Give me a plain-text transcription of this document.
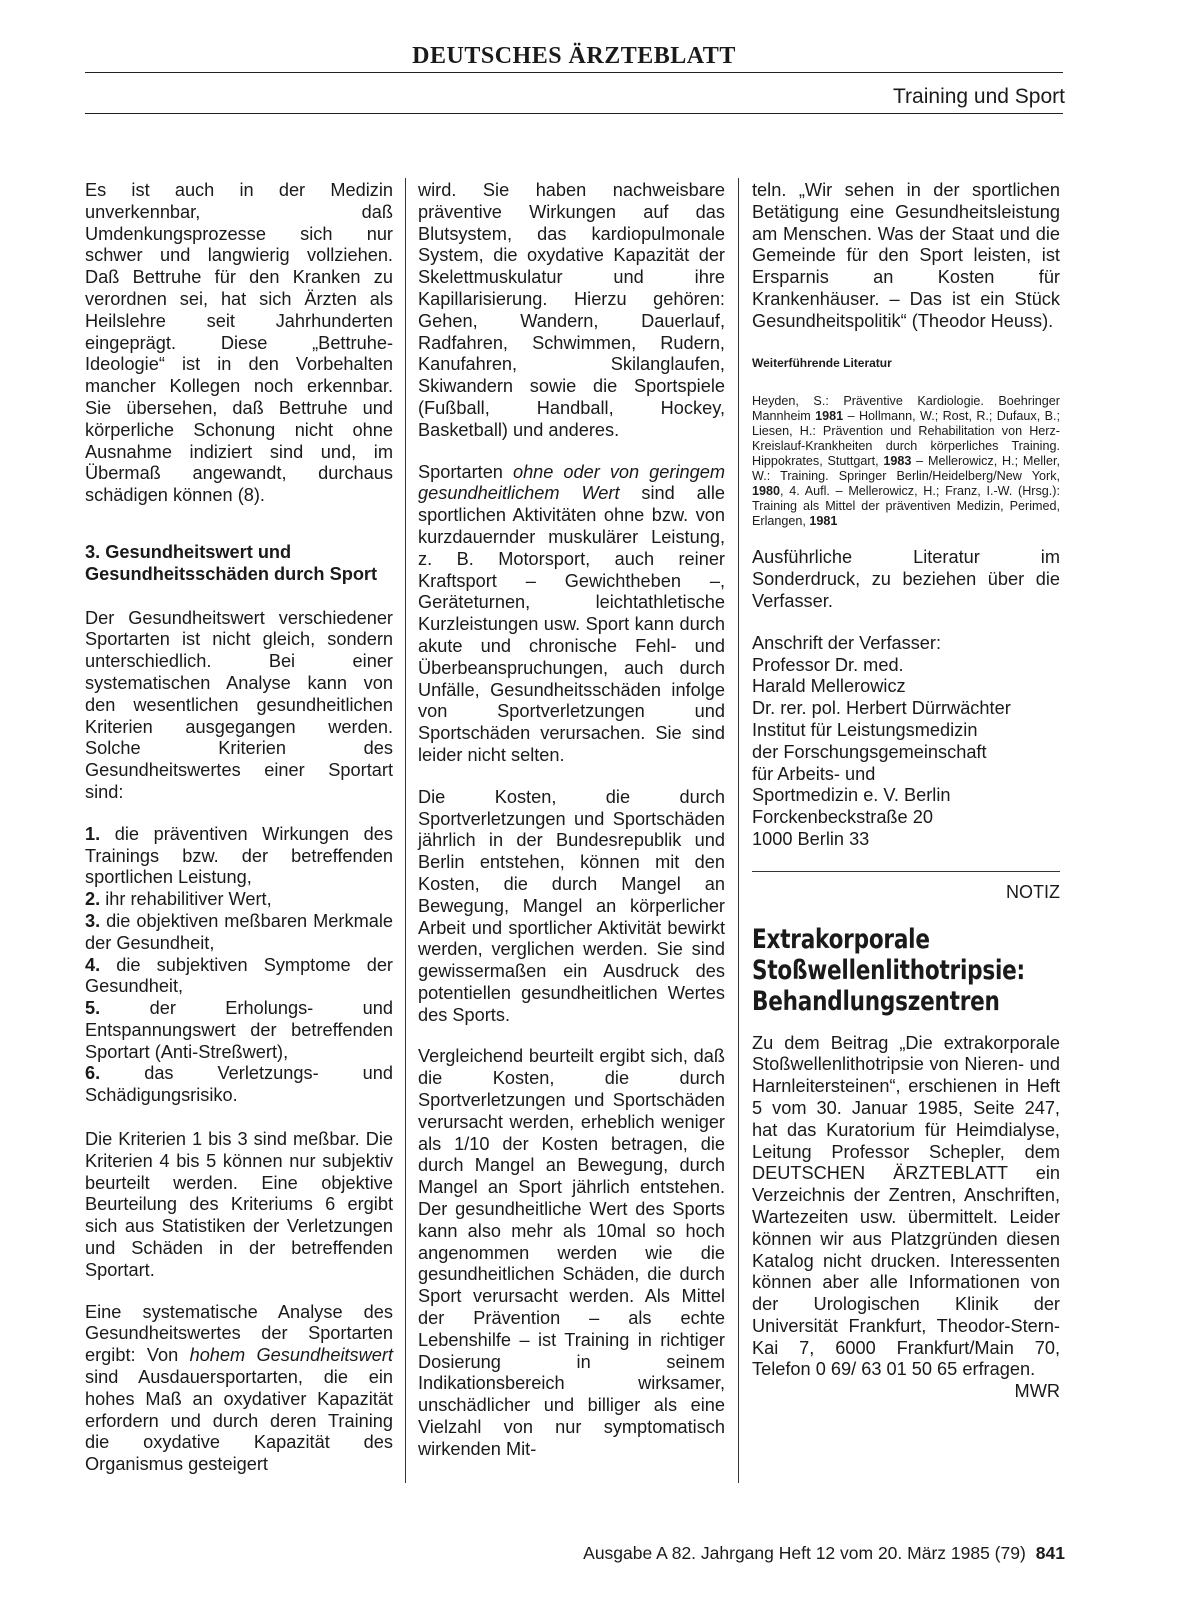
DEUTSCHES ÄRZTEBLATT
Training und Sport

Es ist auch in der Medizin unverkennbar, daß Umdenkungsprozesse sich nur schwer und langwierig vollziehen. Daß Bettruhe für den Kranken zu verordnen sei, hat sich Ärzten als Heilslehre seit Jahrhunderten eingeprägt. Diese „Bettruhe-Ideologie“ ist in den Vorbehalten mancher Kollegen noch erkennbar. Sie übersehen, daß Bettruhe und körperliche Schonung nicht ohne Ausnahme indiziert sind und, im Übermaß angewandt, durchaus schädigen können (8).

3. Gesundheitswert und Gesundheitsschäden durch Sport

Der Gesundheitswert verschiedener Sportarten ist nicht gleich, sondern unterschiedlich. Bei einer systematischen Analyse kann von den wesentlichen gesundheitlichen Kriterien ausgegangen werden. Solche Kriterien des Gesundheitswertes einer Sportart sind:

1. die präventiven Wirkungen des Trainings bzw. der betreffenden sportlichen Leistung,
2. ihr rehabilitiver Wert,
3. die objektiven meßbaren Merkmale der Gesundheit,
4. die subjektiven Symptome der Gesundheit,
5.	der Erholungs- und Entspannungswert der betreffenden Sportart (Anti-Streßwert),
6. das Verletzungs- und Schädigungsrisiko.

Die Kriterien 1 bis 3 sind meßbar. Die Kriterien 4 bis 5 können nur subjektiv beurteilt werden. Eine objektive Beurteilung des Kriteriums 6 ergibt sich aus Statistiken der Verletzungen und Schäden in der betreffenden Sportart.

Eine systematische Analyse des Gesundheitswertes der Sportarten ergibt: Von hohem Gesundheitswert sind Ausdauersportarten, die ein hohes Maß an oxydativer Kapazität erfordern und durch deren Training die oxydative Kapazität des Organismus gesteigert

wird. Sie haben nachweisbare präventive Wirkungen auf das Blutsystem, das kardiopulmonale System, die oxydative Kapazität der Skelettmuskulatur und ihre Kapillarisierung. Hierzu gehören: Gehen, Wandern, Dauerlauf, Radfahren, Schwimmen, Rudern, Kanufahren, Skilanglaufen, Skiwandern sowie die Sportspiele (Fußball, Handball, Hockey, Basketball) und anderes.

Sportarten ohne oder von geringem gesundheitlichem Wert sind alle sportlichen Aktivitäten ohne bzw. von kurzdauernder muskulärer Leistung, z. B. Motorsport, auch reiner Kraftsport – Gewichtheben –, Geräteturnen, leichtathletische Kurzleistungen usw. Sport kann durch akute und chronische Fehl- und Überbeanspruchungen, auch durch Unfälle, Gesundheitsschäden infolge von Sportverletzungen und Sportschäden verursachen. Sie sind leider nicht selten.

Die Kosten, die durch Sportverletzungen und Sportschäden jährlich in der Bundesrepublik und Berlin entstehen, können mit den Kosten, die durch Mangel an Bewegung, Mangel an körperlicher Arbeit und sportlicher Aktivität bewirkt werden, verglichen werden. Sie sind gewissermaßen ein Ausdruck des potentiellen gesundheitlichen Wertes des Sports.

Vergleichend beurteilt ergibt sich, daß die Kosten, die durch Sportverletzungen und Sportschäden verursacht werden, erheblich weniger als 1/10 der Kosten betragen, die durch Mangel an Bewegung, durch Mangel an Sport jährlich entstehen. Der gesundheitliche Wert des Sports kann also mehr als 10mal so hoch angenommen werden wie die gesundheitlichen Schäden, die durch Sport verursacht werden. Als Mittel der Prävention – als echte Lebenshilfe – ist Training in richtiger Dosierung in seinem Indikationsbereich wirksamer, unschädlicher und billiger als eine Vielzahl von nur symptomatisch wirkenden Mit-

teln. „Wir sehen in der sportlichen Betätigung eine Gesundheitsleistung am Menschen. Was der Staat und die Gemeinde für den Sport leisten, ist Ersparnis an Kosten für Krankenhäuser. – Das ist ein Stück Gesundheitspolitik“ (Theodor Heuss).

Weiterführende Literatur
Heyden, S.: Präventive Kardiologie. Boehringer Mannheim 1981 – Hollmann, W.; Rost, R.; Dufaux, B.; Liesen, H.: Prävention und Rehabilitation von Herz-Kreislauf-Krankheiten durch körperliches Training. Hippokrates, Stuttgart, 1983 – Mellerowicz, H.; Meller, W.: Training. Springer Berlin/Heidelberg/New York, 1980, 4. Aufl. – Mellerowicz, H.; Franz, I.-W. (Hrsg.): Training als Mittel der präventiven Medizin, Perimed, Erlangen, 1981

Ausführliche Literatur im Sonderdruck, zu beziehen über die Verfasser.

Anschrift der Verfasser:
Professor Dr. med.
Harald Mellerowicz
Dr. rer. pol. Herbert Dürrwächter
Institut für Leistungsmedizin
der Forschungsgemeinschaft
für Arbeits- und
Sportmedizin e. V. Berlin
Forckenbeckstraße 20
1000 Berlin 33
NOTIZ
Extrakorporale
Stoßwellenlithotripsie:
Behandlungszentren

Zu dem Beitrag „Die extrakorporale Stoßwellenlithotripsie von Nieren- und Harnleitersteinen“, erschienen in Heft 5 vom 30. Januar 1985, Seite 247, hat das Kuratorium für Heimdialyse, Leitung Professor Schepler, dem DEUTSCHEN ÄRZTEBLATT ein Verzeichnis der Zentren, Anschriften, Wartezeiten usw. übermittelt. Leider können wir aus Platzgründen diesen Katalog nicht drucken. Interessenten können aber alle Informationen von der Urologischen Klinik der Universität Frankfurt, Theodor-Stern-Kai 7, 6000 Frankfurt/Main 70, Telefon 0 69/ 63 01 50 65 erfragen.
MWR

Ausgabe A 82. Jahrgang Heft 12 vom 20. März 1985 (79) 841
